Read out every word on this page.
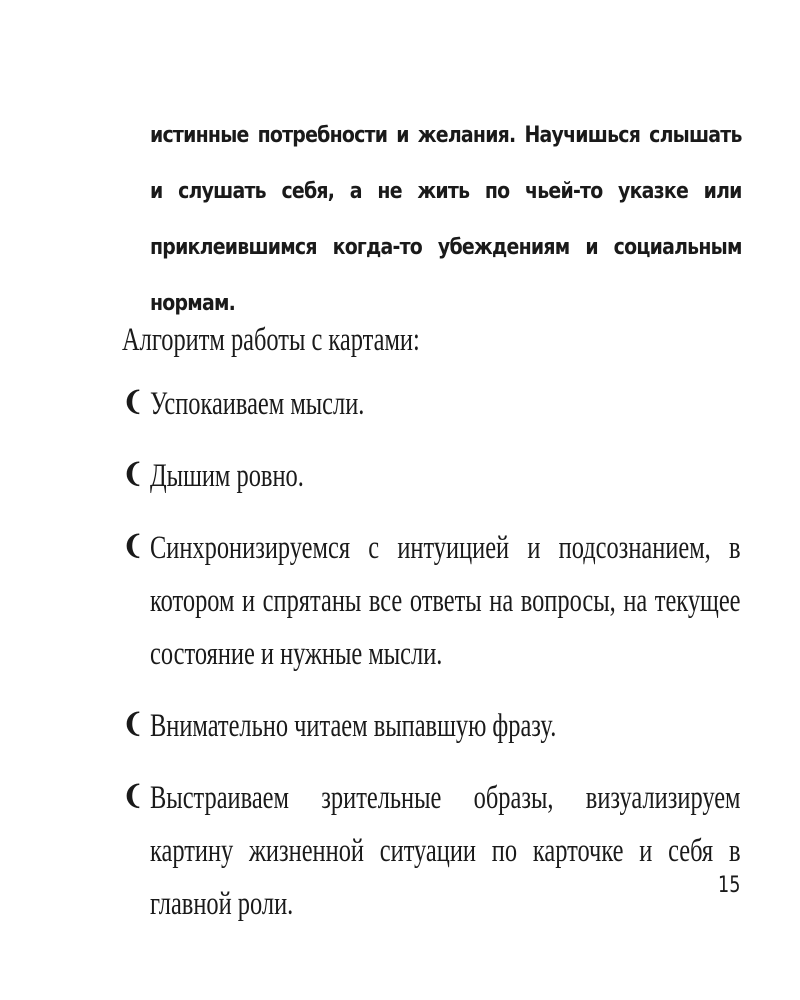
истинные потребности и желания. Научишься слышать и слушать себя, а не жить по чьей-то указке или приклеившимся когда-то убеждениям и социальным нормам.

Алгоритм работы с картами:

❨ Успокаиваем мысли.
❨ Дышим ровно.
❨ Синхронизируемся с интуицией и подсознанием, в котором и спрятаны все ответы на вопросы, на текущее состояние и нужные мысли.
❨ Внимательно читаем выпавшую фразу.
❨ Выстраиваем зрительные образы, визуализируем картину жизненной ситуации по карточке и себя в главной роли.
15
